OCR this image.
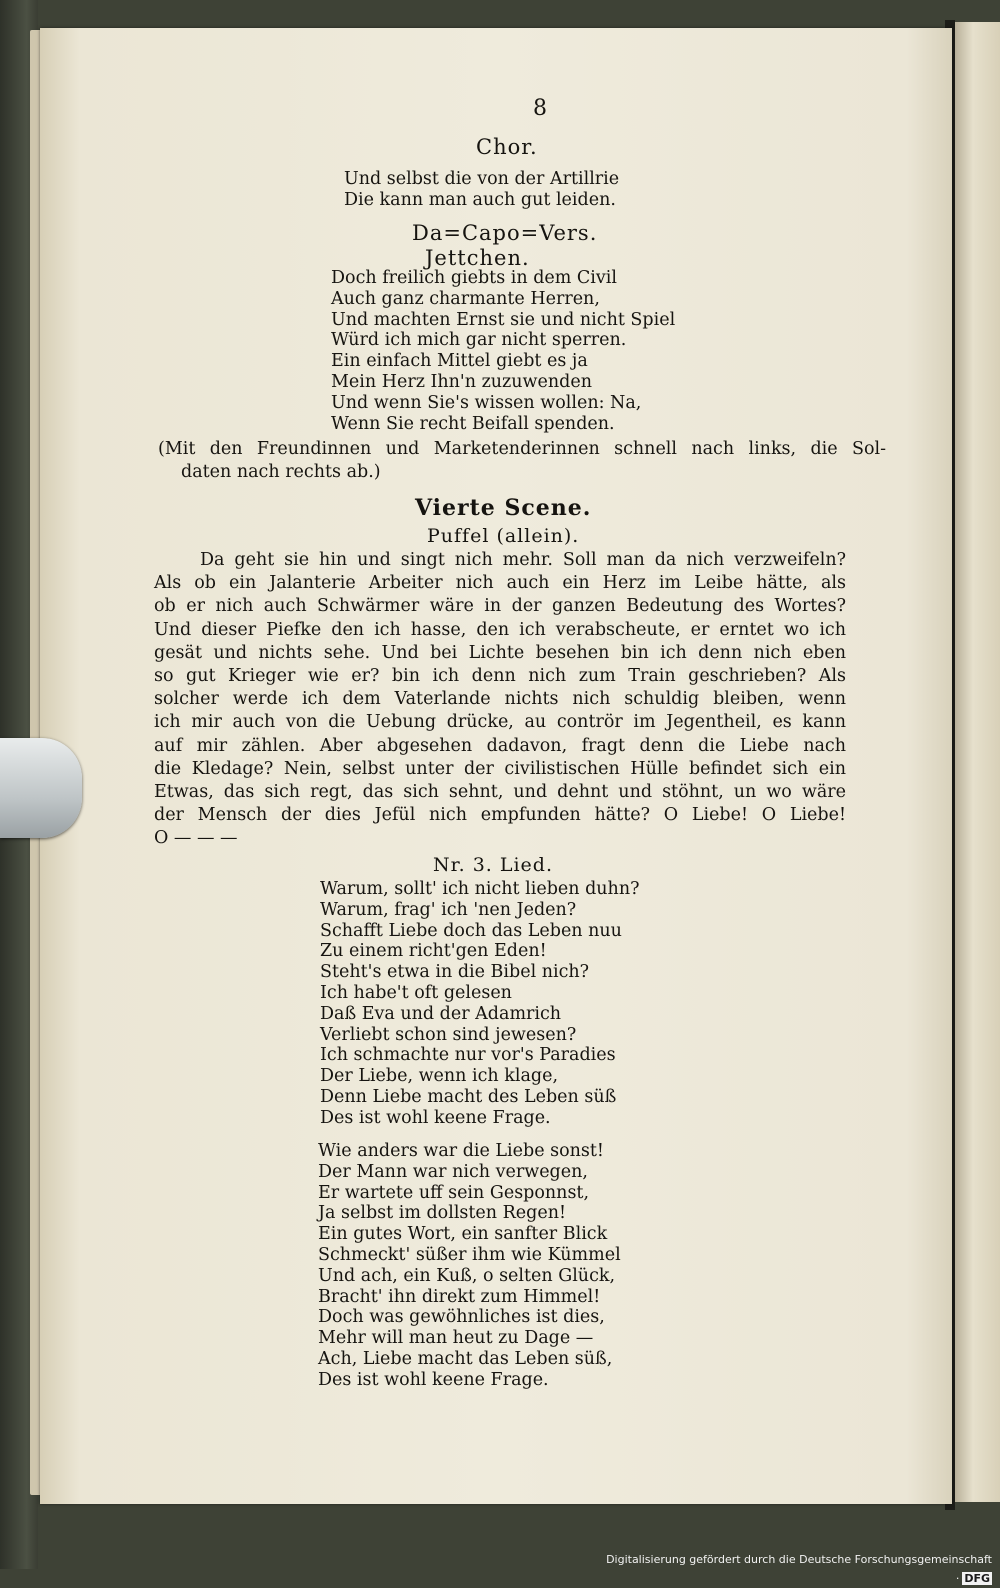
8
Chor.
Und selbst die von der Artillrie
Die kann man auch gut leiden.
Da=Capo=Vers.
Jettchen.
Doch freilich giebts in dem Civil
Auch ganz charmante Herren,
Und machten Ernst sie und nicht Spiel
Würd ich mich gar nicht sperren.
Ein einfach Mittel giebt es ja
Mein Herz Ihn'n zuzuwenden
Und wenn Sie's wissen wollen: Na,
Wenn Sie recht Beifall spenden.
(Mit den Freundinnen und Marketenderinnen schnell nach links, die Sol-
daten nach rechts ab.)
Vierte Scene.
Puffel (allein).
Da geht sie hin und singt nich mehr. Soll man da nich verzweifeln?
Als ob ein Jalanterie Arbeiter nich auch ein Herz im Leibe hätte, als
ob er nich auch Schwärmer wäre in der ganzen Bedeutung des Wortes?
Und dieser Piefke den ich hasse, den ich verabscheute, er erntet wo ich
gesät und nichts sehe. Und bei Lichte besehen bin ich denn nich eben
so gut Krieger wie er? bin ich denn nich zum Train geschrieben? Als
solcher werde ich dem Vaterlande nichts nich schuldig bleiben, wenn
ich mir auch von die Uebung drücke, au contrör im Jegentheil, es kann
auf mir zählen. Aber abgesehen dadavon, fragt denn die Liebe nach
die Kledage? Nein, selbst unter der civilistischen Hülle befindet sich ein
Etwas, das sich regt, das sich sehnt, und dehnt und stöhnt, un wo wäre
der Mensch der dies Jefül nich empfunden hätte? O Liebe! O Liebe!
O — — —
Nr. 3. Lied.
Warum, sollt' ich nicht lieben duhn?
Warum, frag' ich 'nen Jeden?
Schafft Liebe doch das Leben nuu
Zu einem richt'gen Eden!
Steht's etwa in die Bibel nich?
Ich habe't oft gelesen
Daß Eva und der Adamrich
Verliebt schon sind jewesen?
Ich schmachte nur vor's Paradies
Der Liebe, wenn ich klage,
Denn Liebe macht des Leben süß
Des ist wohl keene Frage.
Wie anders war die Liebe sonst!
Der Mann war nich verwegen,
Er wartete uff sein Gesponnst,
Ja selbst im dollsten Regen!
Ein gutes Wort, ein sanfter Blick
Schmeckt' süßer ihm wie Kümmel
Und ach, ein Kuß, o selten Glück,
Bracht' ihn direkt zum Himmel!
Doch was gewöhnliches ist dies,
Mehr will man heut zu Dage —
Ach, Liebe macht das Leben süß,
Des ist wohl keene Frage.
Digitalisierung gefördert durch die Deutsche Forschungsgemeinschaft · DFG
